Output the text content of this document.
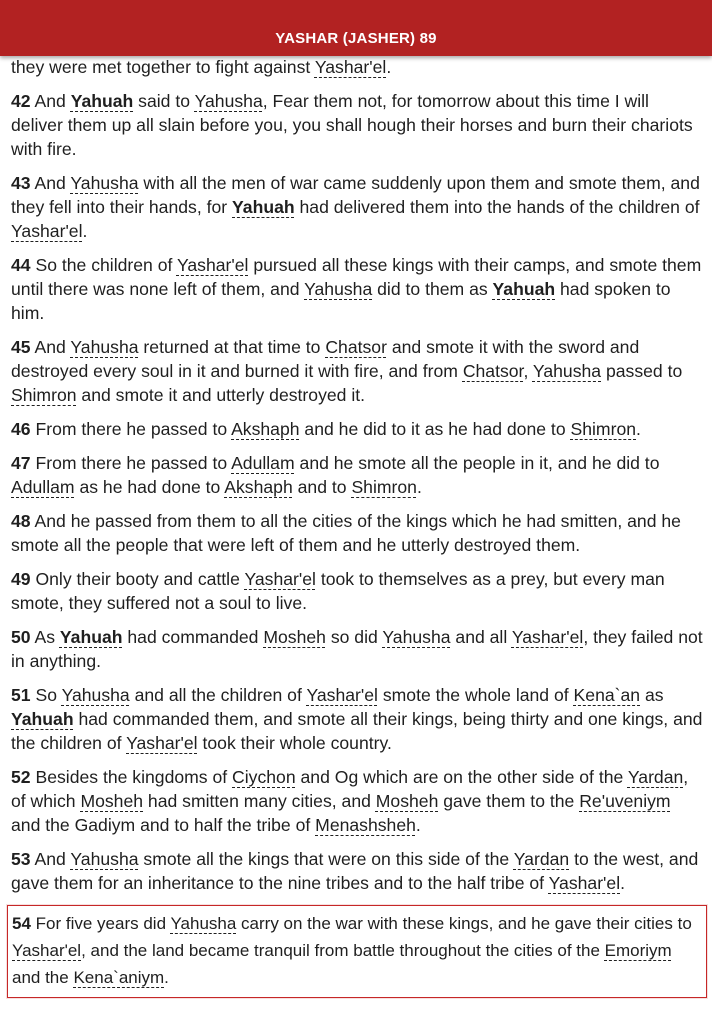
YASHAR (JASHER) 89
they were met together to fight against Yashar'el.
42 And Yahuah said to Yahusha, Fear them not, for tomorrow about this time I will deliver them up all slain before you, you shall hough their horses and burn their chariots with fire.
43 And Yahusha with all the men of war came suddenly upon them and smote them, and they fell into their hands, for Yahuah had delivered them into the hands of the children of Yashar'el.
44 So the children of Yashar'el pursued all these kings with their camps, and smote them until there was none left of them, and Yahusha did to them as Yahuah had spoken to him.
45 And Yahusha returned at that time to Chatsor and smote it with the sword and destroyed every soul in it and burned it with fire, and from Chatsor, Yahusha passed to Shimron and smote it and utterly destroyed it.
46 From there he passed to Akshaph and he did to it as he had done to Shimron.
47 From there he passed to Adullam and he smote all the people in it, and he did to Adullam as he had done to Akshaph and to Shimron.
48 And he passed from them to all the cities of the kings which he had smitten, and he smote all the people that were left of them and he utterly destroyed them.
49 Only their booty and cattle Yashar'el took to themselves as a prey, but every man smote, they suffered not a soul to live.
50 As Yahuah had commanded Mosheh so did Yahusha and all Yashar'el, they failed not in anything.
51 So Yahusha and all the children of Yashar'el smote the whole land of Kena`an as Yahuah had commanded them, and smote all their kings, being thirty and one kings, and the children of Yashar'el took their whole country.
52 Besides the kingdoms of Ciychon and Og which are on the other side of the Yardan, of which Mosheh had smitten many cities, and Mosheh gave them to the Re'uveniym and the Gadiym and to half the tribe of Menashsheh.
53 And Yahusha smote all the kings that were on this side of the Yardan to the west, and gave them for an inheritance to the nine tribes and to the half tribe of Yashar'el.
54 For five years did Yahusha carry on the war with these kings, and he gave their cities to Yashar'el, and the land became tranquil from battle throughout the cities of the Emoriym and the Kena`aniym.
